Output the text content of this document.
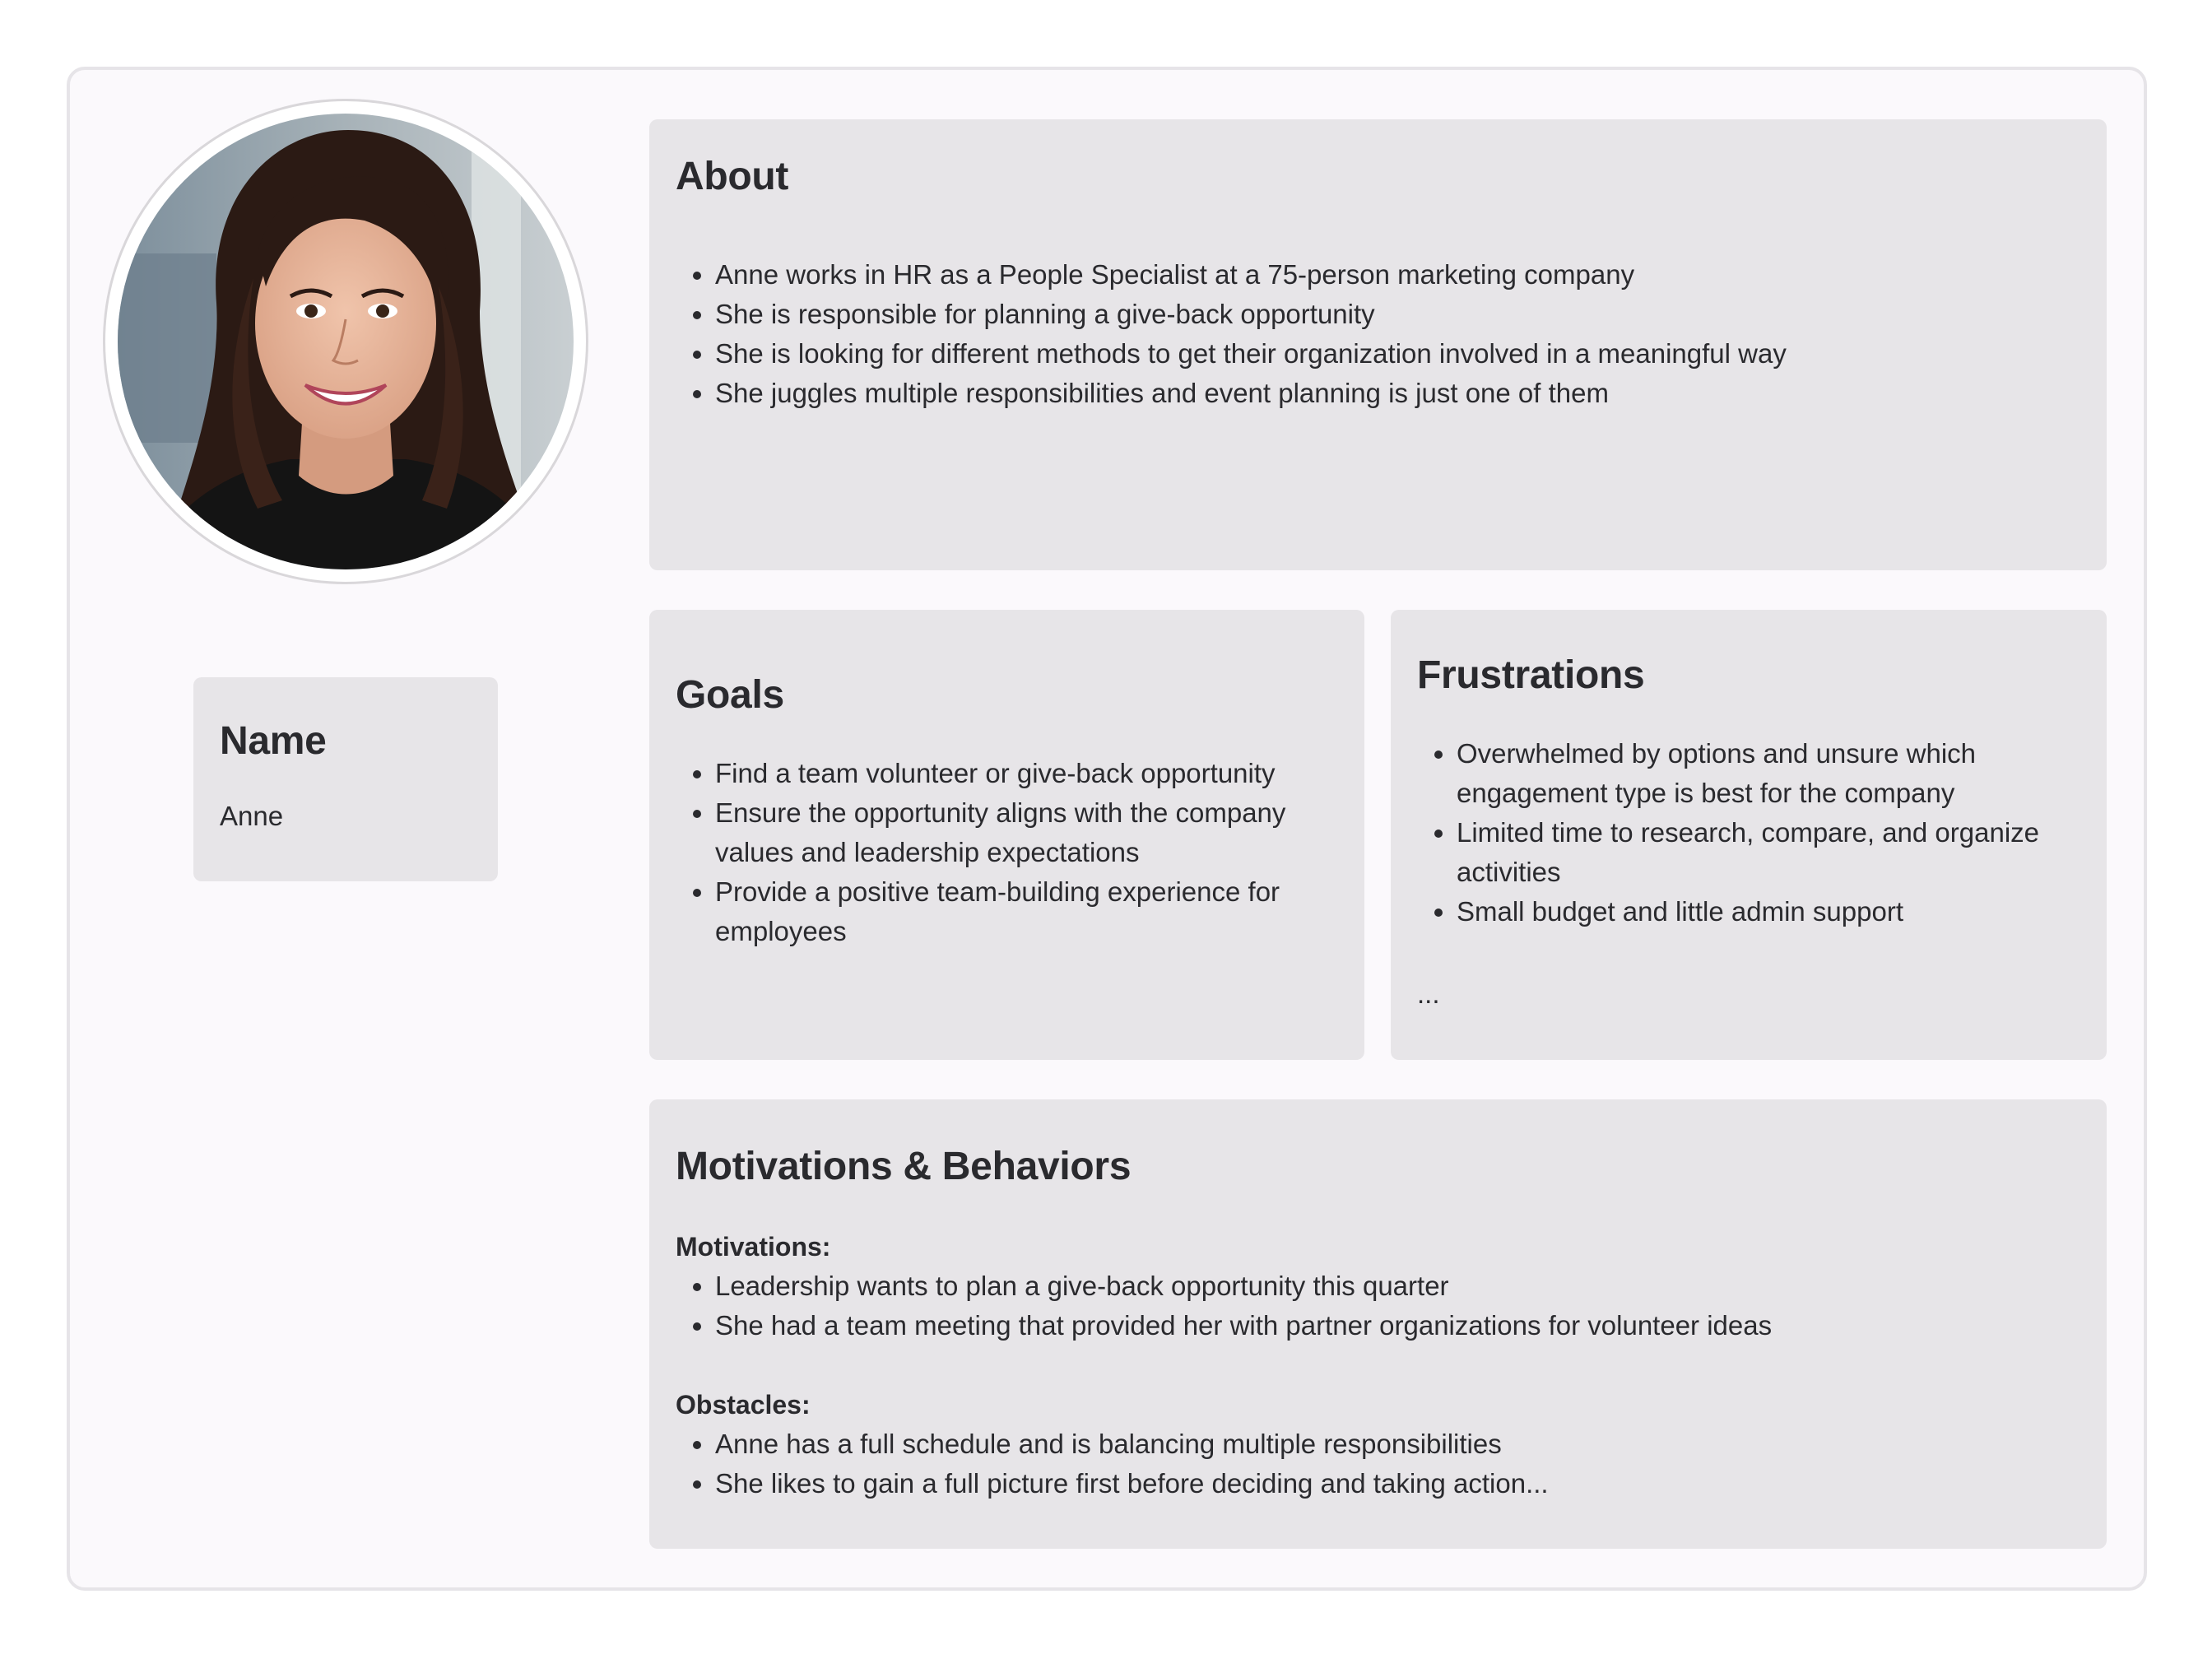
Name
Anne
About
• Anne works in HR as a People Specialist at a 75-person marketing company
• She is responsible for planning a give-back opportunity
• She is looking for different methods to get their organization involved in a meaningful way
• She juggles multiple responsibilities and event planning is just one of them
Goals
• Find a team volunteer or give-back opportunity
• Ensure the opportunity aligns with the company values and leadership expectations
• Provide a positive team-building experience for employees
Frustrations
• Overwhelmed by options and unsure which engagement type is best for the company
• Limited time to research, compare, and organize activities
• Small budget and little admin support
...
Motivations & Behaviors
Motivations:
• Leadership wants to plan a give-back opportunity this quarter
• She had a team meeting that provided her with partner organizations for volunteer ideas
Obstacles:
• Anne has a full schedule and is balancing multiple responsibilities
• She likes to gain a full picture first before deciding and taking action...
